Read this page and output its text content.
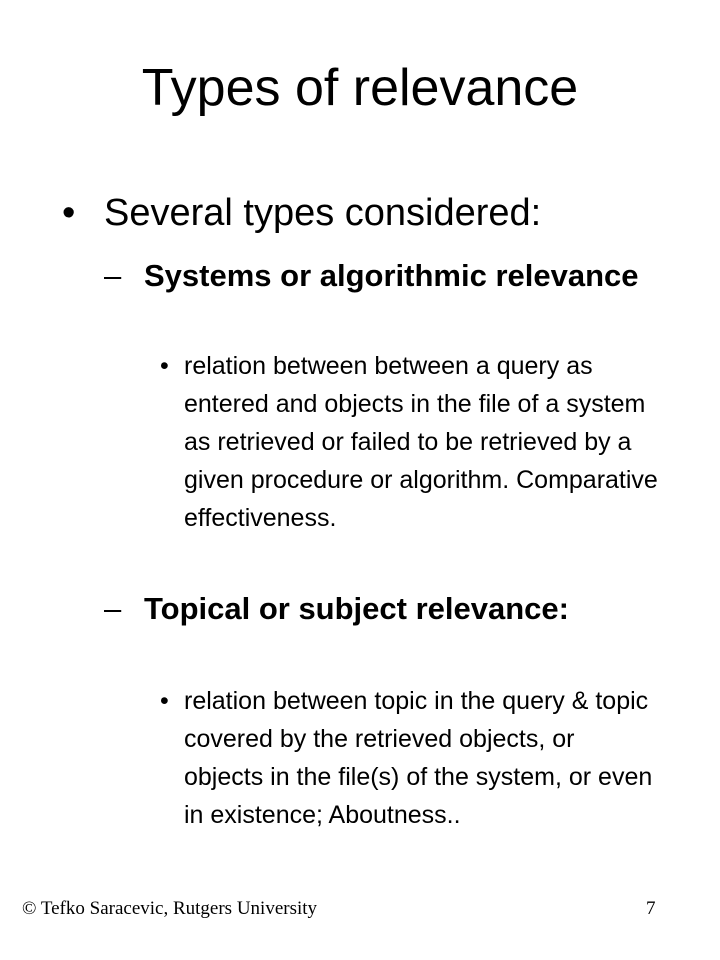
Types of relevance
• Several types considered:
– Systems or algorithmic relevance
• relation between between a query as entered and objects in the file of a system as retrieved or failed to be retrieved by a given procedure or algorithm. Comparative effectiveness.
– Topical or subject relevance:
• relation between topic in the query & topic covered by the retrieved objects, or objects in the file(s) of the system, or even in existence; Aboutness..
© Tefko Saracevic, Rutgers University	7
